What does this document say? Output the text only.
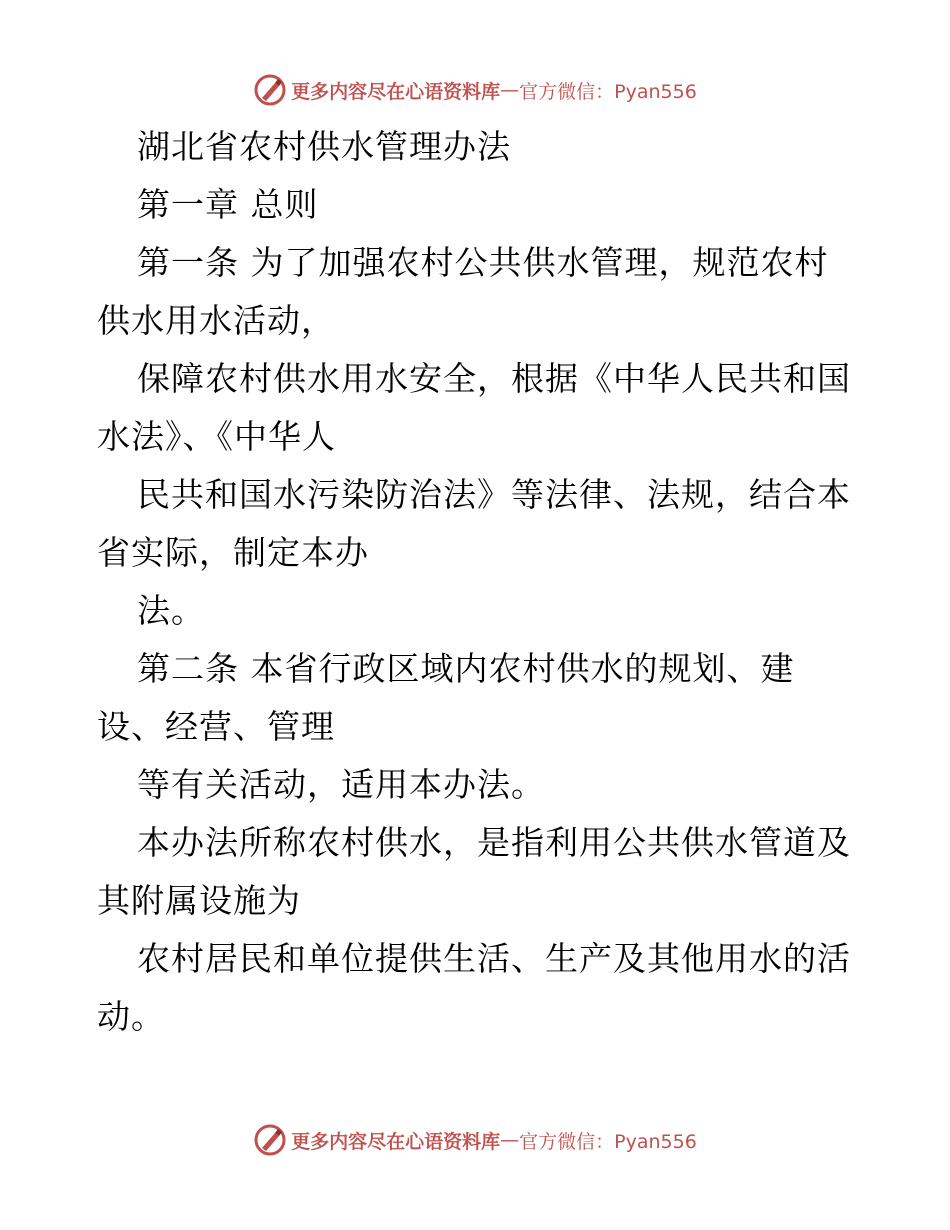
更多内容尽在心语资料库 — 官方微信：Pyan556
湖北省农村供水管理办法
第一章 总则
第一条 为了加强农村公共供水管理，规范农村
供水用水活动，
保障农村供水用水安全，根据《中华人民共和国
水法》、《中华人
民共和国水污染防治法》等法律、法规，结合本
省实际，制定本办
法。
第二条 本省行政区域内农村供水的规划、建
设、经营、管理
等有关活动，适用本办法。
本办法所称农村供水，是指利用公共供水管道及
其附属设施为
农村居民和单位提供生活、生产及其他用水的活
动。
更多内容尽在心语资料库 — 官方微信：Pyan556
